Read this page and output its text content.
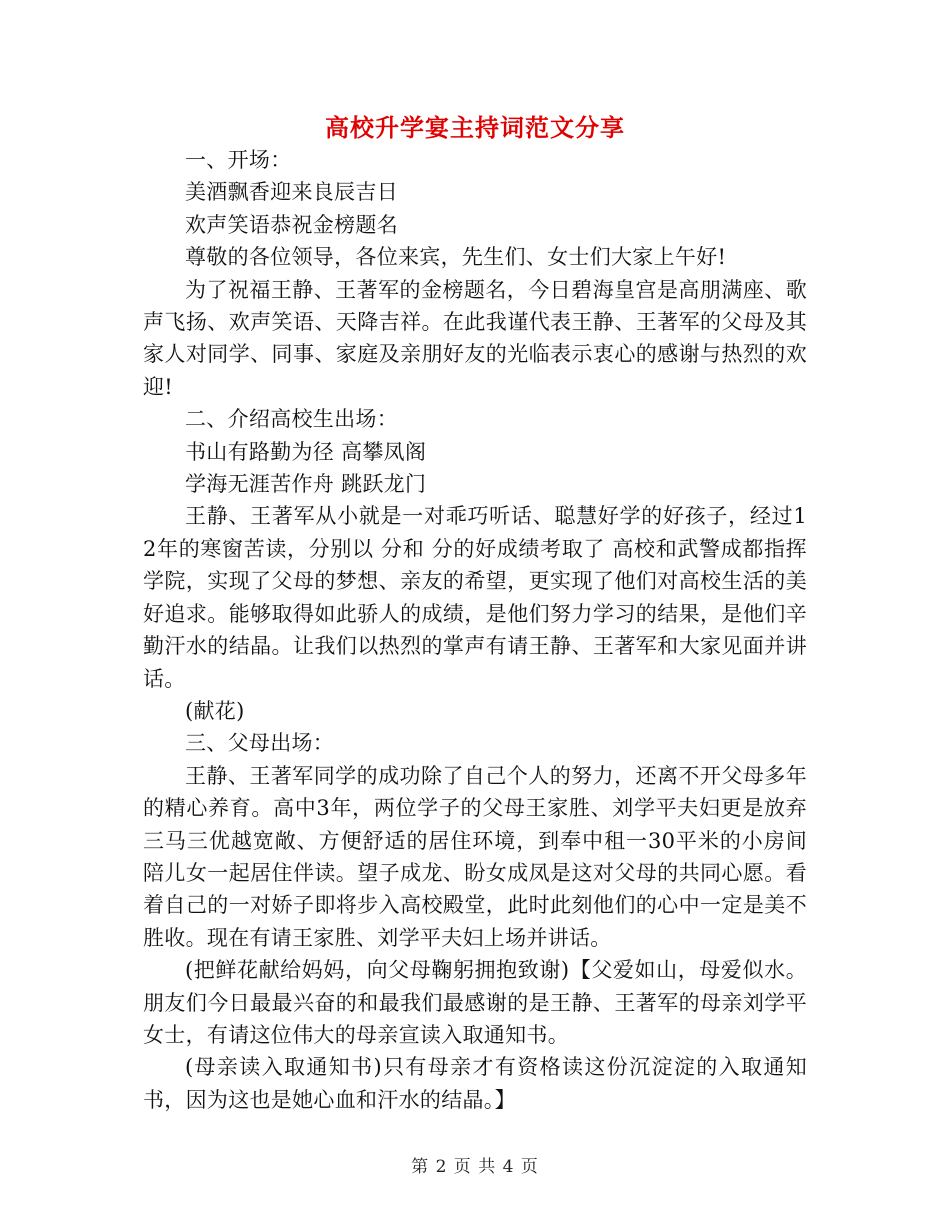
高校升学宴主持词范文分享

一、开场：

美酒飘香迎来良辰吉日

欢声笑语恭祝金榜题名

尊敬的各位领导，各位来宾，先生们、女士们大家上午好!

为了祝福王静、王著军的金榜题名，今日碧海皇宫是高朋满座、歌声飞扬、欢声笑语、天降吉祥。在此我谨代表王静、王著军的父母及其家人对同学、同事、家庭及亲朋好友的光临表示衷心的感谢与热烈的欢迎!

二、介绍高校生出场：

书山有路勤为径 高攀凤阁

学海无涯苦作舟 跳跃龙门

王静、王著军从小就是一对乖巧听话、聪慧好学的好孩子，经过12年的寒窗苦读，分别以 分和 分的好成绩考取了 高校和武警成都指挥学院，实现了父母的梦想、亲友的希望，更实现了他们对高校生活的美好追求。能够取得如此骄人的成绩，是他们努力学习的结果，是他们辛勤汗水的结晶。让我们以热烈的掌声有请王静、王著军和大家见面并讲话。

(献花)

三、父母出场：

王静、王著军同学的成功除了自己个人的努力，还离不开父母多年的精心养育。高中3年，两位学子的父母王家胜、刘学平夫妇更是放弃三马三优越宽敞、方便舒适的居住环境，到奉中租一30平米的小房间陪儿女一起居住伴读。望子成龙、盼女成凤是这对父母的共同心愿。看着自己的一对娇子即将步入高校殿堂，此时此刻他们的心中一定是美不胜收。现在有请王家胜、刘学平夫妇上场并讲话。

(把鲜花献给妈妈，向父母鞠躬拥抱致谢)【父爱如山，母爱似水。朋友们今日最最兴奋的和最我们最感谢的是王静、王著军的母亲刘学平女士，有请这位伟大的母亲宣读入取通知书。

(母亲读入取通知书)只有母亲才有资格读这份沉淀淀的入取通知书，因为这也是她心血和汗水的结晶。】

第 2 页 共 4 页
